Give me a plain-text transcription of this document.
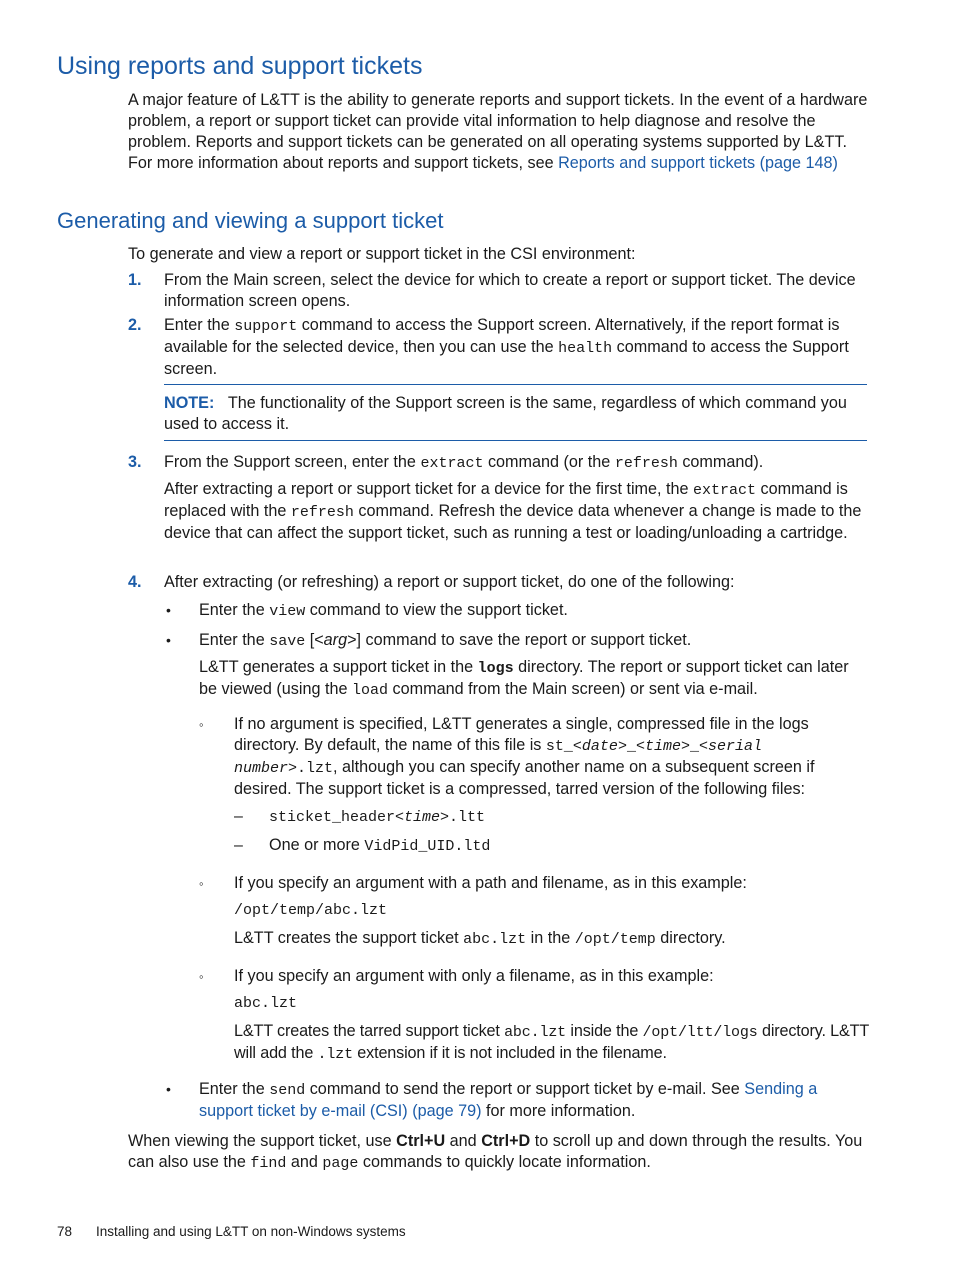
Using reports and support tickets
A major feature of L&TT is the ability to generate reports and support tickets. In the event of a hardware problem, a report or support ticket can provide vital information to help diagnose and resolve the problem. Reports and support tickets can be generated on all operating systems supported by L&TT. For more information about reports and support tickets, see Reports and support tickets (page 148)
Generating and viewing a support ticket
To generate and view a report or support ticket in the CSI environment:
1. From the Main screen, select the device for which to create a report or support ticket. The device information screen opens.
2. Enter the support command to access the Support screen. Alternatively, if the report format is available for the selected device, then you can use the health command to access the Support screen.
NOTE: The functionality of the Support screen is the same, regardless of which command you used to access it.
3. From the Support screen, enter the extract command (or the refresh command).
After extracting a report or support ticket for a device for the first time, the extract command is replaced with the refresh command. Refresh the device data whenever a change is made to the device that can affect the support ticket, such as running a test or loading/unloading a cartridge.
4. After extracting (or refreshing) a report or support ticket, do one of the following:
• Enter the view command to view the support ticket.
• Enter the save [<arg>] command to save the report or support ticket.
L&TT generates a support ticket in the logs directory. The report or support ticket can later be viewed (using the load command from the Main screen) or sent via e-mail.
◦ If no argument is specified, L&TT generates a single, compressed file in the logs directory. By default, the name of this file is st_<date>_<time>_<serial number>.lzt, although you can specify another name on a subsequent screen if desired. The support ticket is a compressed, tarred version of the following files:
– sticket_header<time>.ltt
– One or more VidPid_UID.ltd
◦ If you specify an argument with a path and filename, as in this example:
/opt/temp/abc.lzt
L&TT creates the support ticket abc.lzt in the /opt/temp directory.
◦ If you specify an argument with only a filename, as in this example:
abc.lzt
L&TT creates the tarred support ticket abc.lzt inside the /opt/ltt/logs directory. L&TT will add the .lzt extension if it is not included in the filename.
• Enter the send command to send the report or support ticket by e-mail. See Sending a support ticket by e-mail (CSI) (page 79) for more information.
When viewing the support ticket, use Ctrl+U and Ctrl+D to scroll up and down through the results. You can also use the find and page commands to quickly locate information.
78 Installing and using L&TT on non-Windows systems
